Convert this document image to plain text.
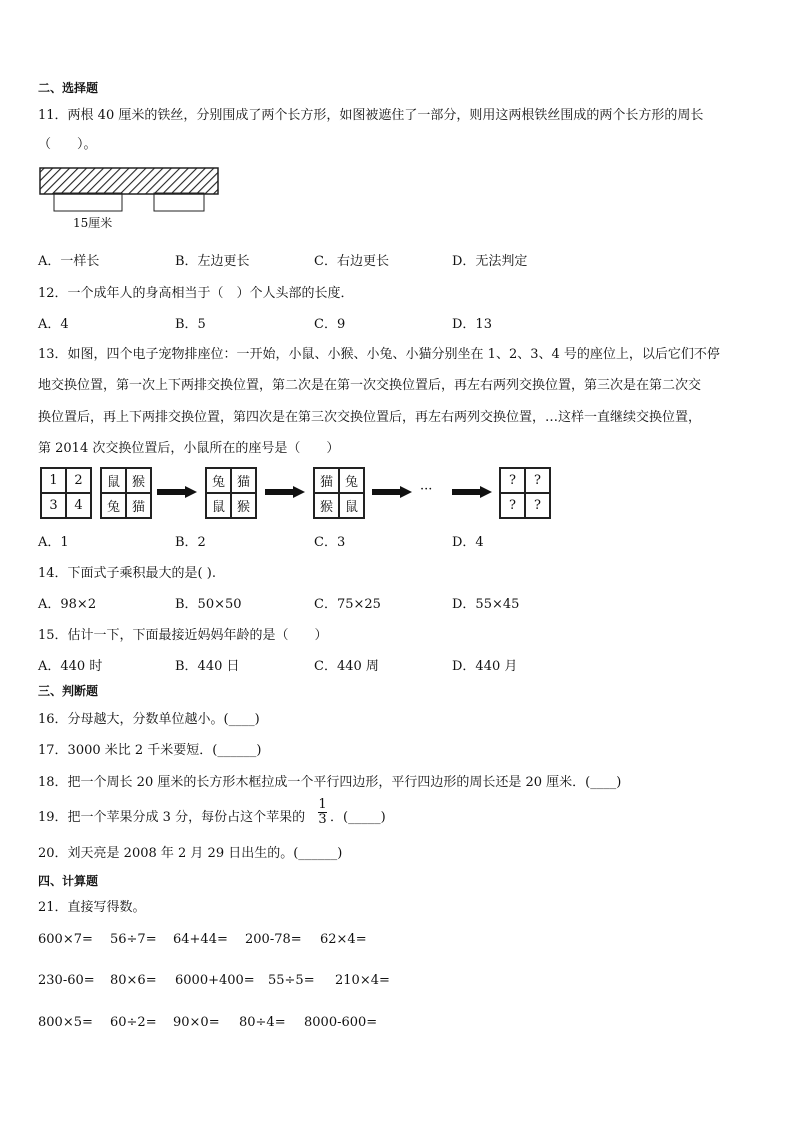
二、选择题
11．两根 40 厘米的铁丝，分别围成了两个长方形，如图被遮住了一部分，则用这两根铁丝围成的两个长方形的周长
（　　）。
15厘米
A．一样长	B．左边更长	C．右边更长	D．无法判定
12．一个成年人的身高相当于（　）个人头部的长度．
A．4	B．5	C．9	D．13
13．如图，四个电子宠物排座位：一开始，小鼠、小猴、小兔、小猫分别坐在 1、2、3、4 号的座位上，以后它们不停
地交换位置，第一次上下两排交换位置，第二次是在第一次交换位置后，再左右两列交换位置，第三次是在第二次交
换位置后，再上下两排交换位置，第四次是在第三次交换位置后，再左右两列交换位置，…这样一直继续交换位置，
第 2014 次交换位置后，小鼠所在的座号是（　　）
1	2
3	4
鼠 猴
兔 猫
兔 猫
鼠 猴
猫 兔
猴 鼠
···
?	?
?	?
A．1	B．2	C．3	D．4
14．下面式子乘积最大的是( ).
A．98×2	B．50×50	C．75×25	D．55×45
15．估计一下，下面最接近妈妈年龄的是（　　）
A．440 时	B．440 日	C．440 周	D．440 月
三、判断题
16．分母越大，分数单位越小。(____)
17．3000 米比 2 千米要短．(______)
18．把一个周长 20 厘米的长方形木框拉成一个平行四边形，平行四边形的周长还是 20 厘米．(____)
19．把一个苹果分成 3 分，每份占这个苹果的
1
3 ．(_____)
20．刘天亮是 2008 年 2 月 29 日出生的。(______)
四、计算题
21．直接写得数。
600×7= 56÷7= 64+44= 200-78= 62×4=
230-60= 80×6= 6000+400= 55÷5= 210×4=
800×5= 60÷2= 90×0= 80÷4= 8000-600=
